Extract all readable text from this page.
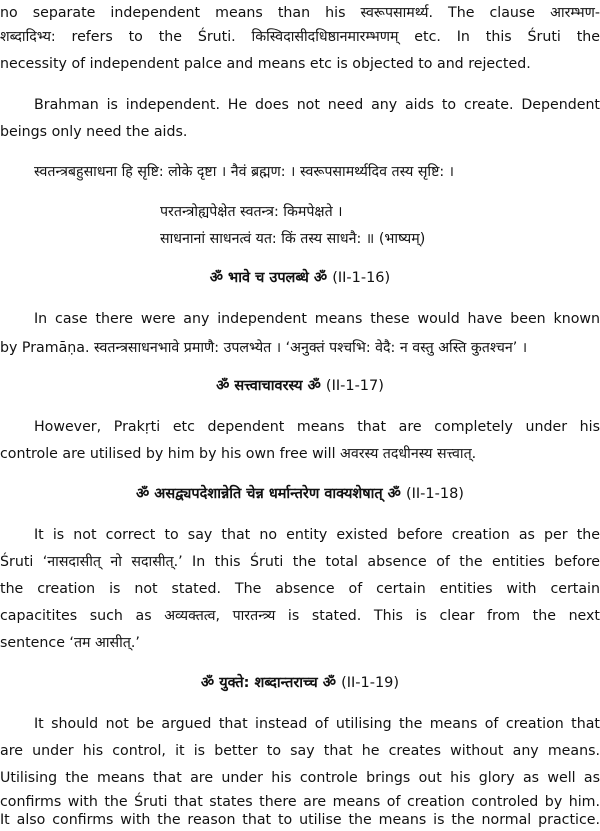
no separate independent means than his स्वरूपसामर्थ्य. The clause आरम्भण-
शब्दादिभ्य: refers to the Śruti. किस्विदासीदधिष्ठानमारम्भणम् etc. In this Śruti the
necessity of independent palce and means etc is objected to and rejected.
Brahman is independent. He does not need any aids to create. Dependent
beings only need the aids.
स्वतन्त्रबहुसाधना हि सृष्टि: लोके दृष्टा । नैवं ब्रह्मण: । स्वरूपसामर्थ्यदिव तस्य सृष्टि: ।
परतन्त्रोह्यपेक्षेत स्वतन्त्र: किमपेक्षते ।
साधनानां साधनत्वं यत: किं तस्य साधनै: ॥ (भाष्यम्)
ॐ भावे च उपलब्धे ॐ (II-1-16)
In case there were any independent means these would have been known
by Pramāṇa. स्वतन्त्रसाधनभावे प्रमाणै: उपलभ्येत । ‘अनुक्तं पश्चभि: वेदै: न वस्तु अस्ति कुतश्चन’ ।
ॐ सत्त्वाचावरस्य ॐ (II-1-17)
However, Prakṛti etc dependent means that are completely under his
controle are utilised by him by his own free will अवरस्य तदधीनस्य सत्त्वात्.
ॐ असद्व्यपदेशान्नेति चेन्न धर्मान्तरेण वाक्यशेषात् ॐ (II-1-18)
It is not correct to say that no entity existed before creation as per the
Śruti ‘नासदासीत् नो सदासीत्.’ In this Śruti the total absence of the entities before
the creation is not stated. The absence of certain entities with certain
capacitites such as अव्यक्तत्व, पारतन्त्र्य is stated. This is clear from the next
sentence ‘तम आसीत्.’
ॐ युक्ते: शब्दान्तराच्च ॐ (II-1-19)
It should not be argued that instead of utilising the means of creation that
are under his control, it is better to say that he creates without any means.
Utilising the means that are under his controle brings out his glory as well as
confirms with the Śruti that states there are means of creation controled by him.
It also confirms with the reason that to utilise the means is the normal practice.
